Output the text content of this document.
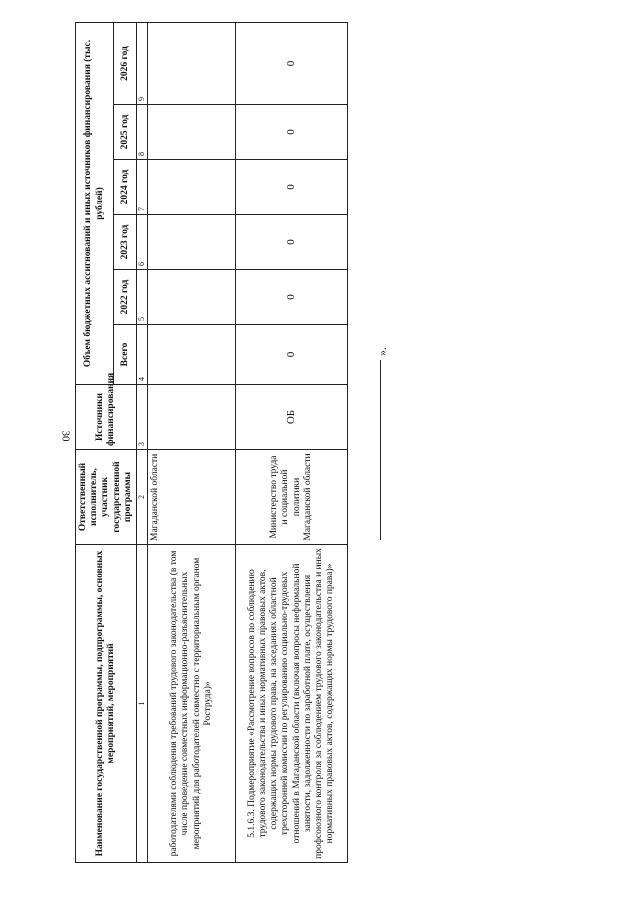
30
Наименование государственной программы, подпрограммы, основных мероприятий, мероприятий	Ответственный исполнитель, участник государственной программы	Источники финансирования	Объем бюджетных ассигнований и иных источников финансирования (тыс. рублей)					
			Всего	2022 год	2023 год	2024 год	2025 год	2026 год
1	2	3	4	5	6	7	8	9
работодателями соблюдения требований трудового законодательства (в том числе проведение совместных информационно-разъяснительных мероприятий для работодателей совместно с территориальным органом Роструда)»	Магаданской области							
5.1.6.3. Подмероприятие «Рассмотрение вопросов по соблюдению трудового законодательства и иных нормативных правовых актов, содержащих нормы трудового права, на заседаниях областной трехсторонней комиссии по регулированию социально-трудовых отношений в Магаданской области (включая вопросы неформальной занятости, задолженности по заработной плате, осуществления профсоюзного контроля за соблюдением трудового законодательства и иных нормативных правовых актов, содержащих нормы трудового права)»	Министерство труда и социальной политики Магаданской области	ОБ	0	0	0	0	0	0
».
